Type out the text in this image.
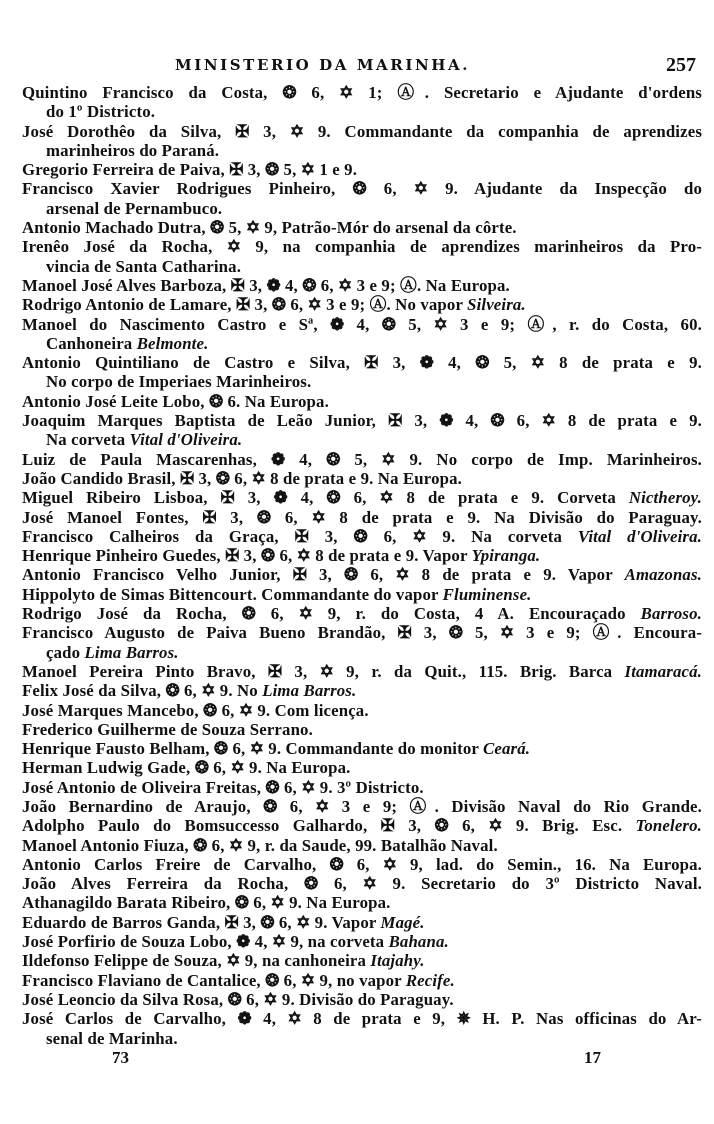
MINISTERIO DA MARINHA.	257
Quintino Francisco da Costa, ❂ 6, ✡ 1; Ⓐ. Secretario e Ajudante d'ordens
do 1º Districto.
José Dorothêo da Silva, ✠ 3, ✡ 9. Commandante da companhia de aprendizes
marinheiros do Paraná.
Gregorio Ferreira de Paiva, ✠ 3, ❂ 5, ✡ 1 e 9.
Francisco Xavier Rodrigues Pinheiro, ❂ 6, ✡ 9. Ajudante da Inspecção do
arsenal de Pernambuco.
Antonio Machado Dutra, ❂ 5, ✡ 9, Patrão-Mór do arsenal da côrte.
Irenêo José da Rocha, ✡ 9, na companhia de aprendizes marinheiros da Pro-
vincia de Santa Catharina.
Manoel José Alves Barboza, ✠ 3, ❁ 4, ❂ 6, ✡ 3 e 9; Ⓐ. Na Europa.
Rodrigo Antonio de Lamare, ✠ 3, ❂ 6, ✡ 3 e 9; Ⓐ. No vapor Silveira.
Manoel do Nascimento Castro e Sª, ❁ 4, ❂ 5, ✡ 3 e 9; Ⓐ, r. do Costa, 60.
Canhoneira Belmonte.
Antonio Quintiliano de Castro e Silva, ✠ 3, ❁ 4, ❂ 5, ✡ 8 de prata e 9.
No corpo de Imperiaes Marinheiros.
Antonio José Leite Lobo, ❂ 6. Na Europa.
Joaquim Marques Baptista de Leão Junior, ✠ 3, ❁ 4, ❂ 6, ✡ 8 de prata e 9.
Na corveta Vital d'Oliveira.
Luiz de Paula Mascarenhas, ❁ 4, ❂ 5, ✡ 9. No corpo de Imp. Marinheiros.
João Candido Brasil, ✠ 3, ❂ 6, ✡ 8 de prata e 9. Na Europa.
Miguel Ribeiro Lisboa, ✠ 3, ❁ 4, ❂ 6, ✡ 8 de prata e 9. Corveta Nictheroy.
José Manoel Fontes, ✠ 3, ❂ 6, ✡ 8 de prata e 9. Na Divisão do Paraguay.
Francisco Calheiros da Graça, ✠ 3, ❂ 6, ✡ 9. Na corveta Vital d'Oliveira.
Henrique Pinheiro Guedes, ✠ 3, ❂ 6, ✡ 8 de prata e 9. Vapor Ypiranga.
Antonio Francisco Velho Junior, ✠ 3, ❂ 6, ✡ 8 de prata e 9. Vapor Amazonas.
Hippolyto de Simas Bittencourt. Commandante do vapor Fluminense.
Rodrigo José da Rocha, ❂ 6, ✡ 9, r. do Costa, 4 A. Encouraçado Barroso.
Francisco Augusto de Paiva Bueno Brandão, ✠ 3, ❂ 5, ✡ 3 e 9; Ⓐ. Encoura-
çado Lima Barros.
Manoel Pereira Pinto Bravo, ✠ 3, ✡ 9, r. da Quit., 115. Brig. Barca Itamaracá.
Felix José da Silva, ❂ 6, ✡ 9. No Lima Barros.
José Marques Mancebo, ❂ 6, ✡ 9. Com licença.
Frederico Guilherme de Souza Serrano.
Henrique Fausto Belham, ❂ 6, ✡ 9. Commandante do monitor Ceará.
Herman Ludwig Gade, ❂ 6, ✡ 9. Na Europa.
José Antonio de Oliveira Freitas, ❂ 6, ✡ 9. 3º Districto.
João Bernardino de Araujo, ❂ 6, ✡ 3 e 9; Ⓐ. Divisão Naval do Rio Grande.
Adolpho Paulo do Bomsuccesso Galhardo, ✠ 3, ❂ 6, ✡ 9. Brig. Esc. Tonelero.
Manoel Antonio Fiuza, ❂ 6, ✡ 9, r. da Saude, 99. Batalhão Naval.
Antonio Carlos Freire de Carvalho, ❂ 6, ✡ 9, lad. do Semin., 16. Na Europa.
João Alves Ferreira da Rocha, ❂ 6, ✡ 9. Secretario do 3º Districto Naval.
Athanagildo Barata Ribeiro, ❂ 6, ✡ 9. Na Europa.
Eduardo de Barros Ganda, ✠ 3, ❂ 6, ✡ 9. Vapor Magé.
José Porfirio de Souza Lobo, ❁ 4, ✡ 9, na corveta Bahana.
Ildefonso Felippe de Souza, ✡ 9, na canhoneira Itajahy.
Francisco Flaviano de Cantalice, ❂ 6, ✡ 9, no vapor Recife.
José Leoncio da Silva Rosa, ❂ 6, ✡ 9. Divisão do Paraguay.
José Carlos de Carvalho, ❁ 4, ✡ 8 de prata e 9, ✵ H. P. Nas officinas do Ar-
senal de Marinha.
73	17
